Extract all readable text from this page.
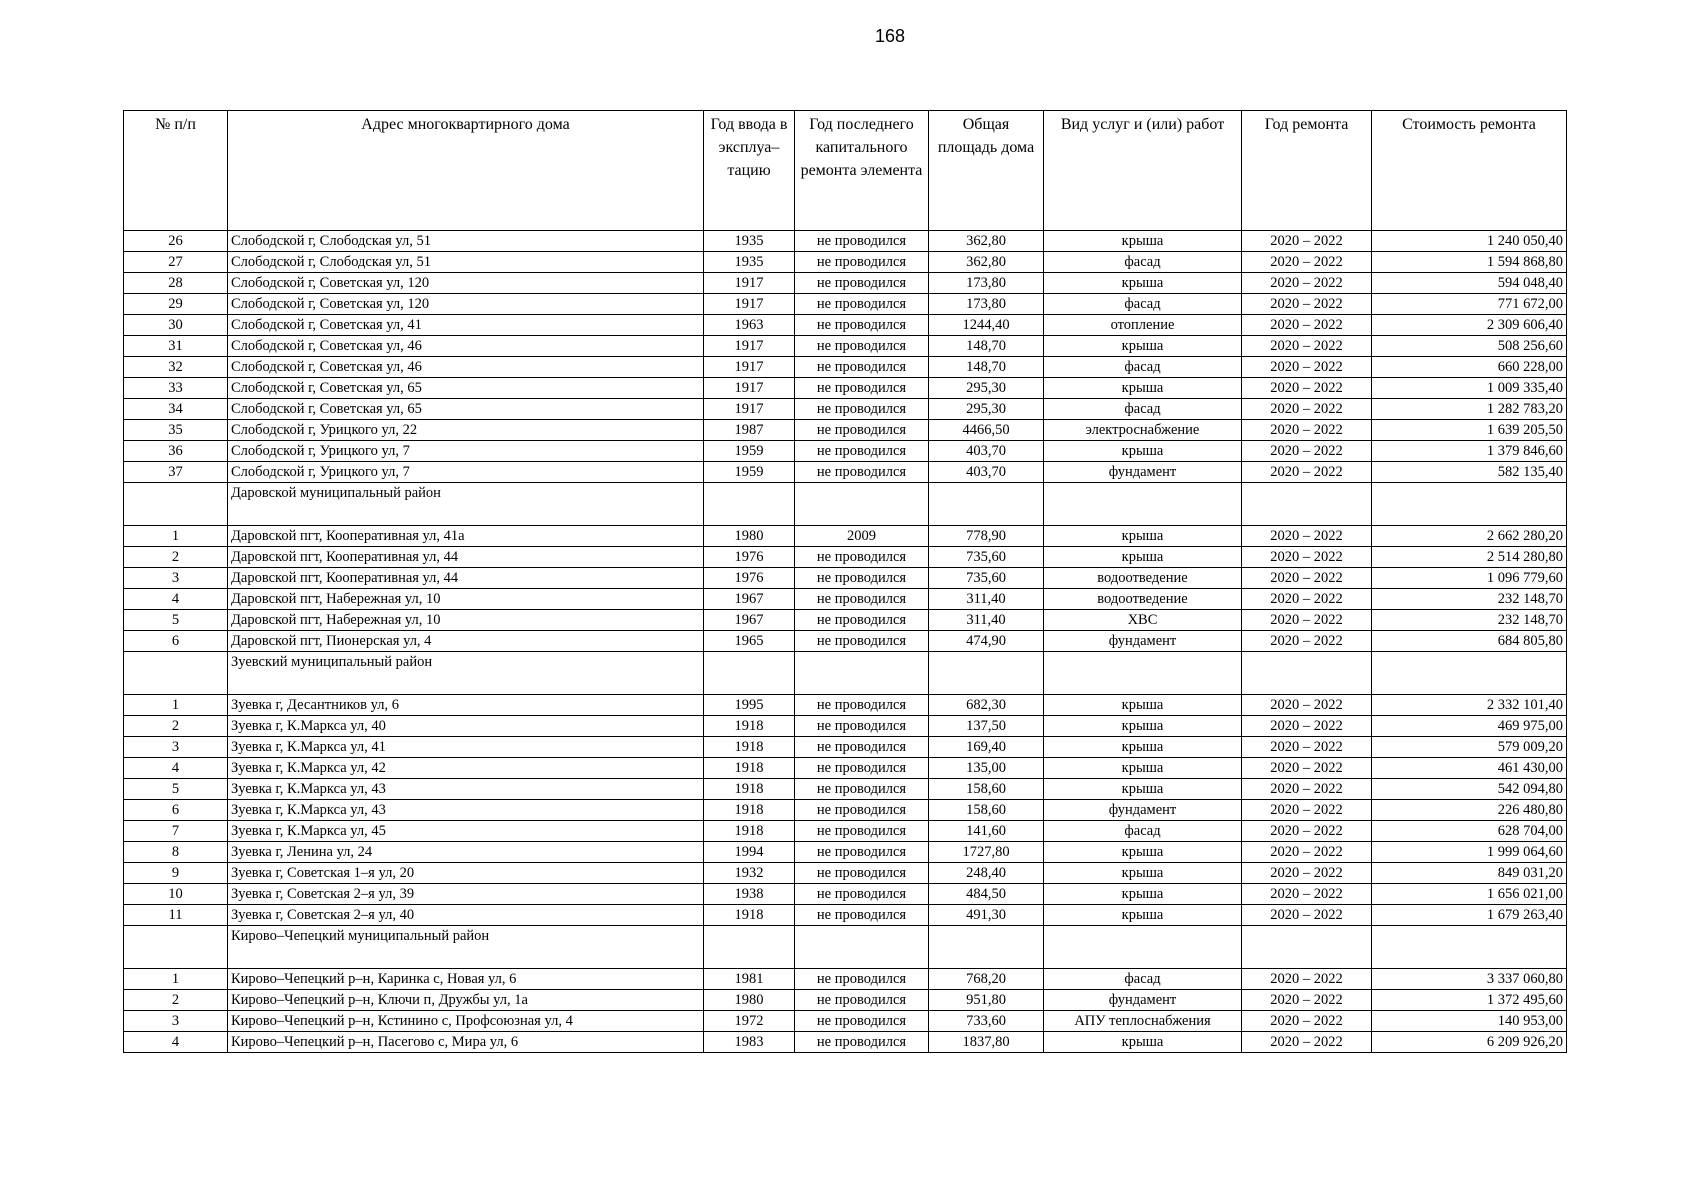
168
№ п/п	Адрес многоквартирного дома	Год ввода в эксплуа–тацию	Год последнего капитального ремонта элемента	Общая площадь дома	Вид услуг и (или) работ	Год ремонта	Стоимость ремонта
26	Слободской г, Слободская ул, 51	1935	не проводился	362,80	крыша	2020 – 2022	1 240 050,40
27	Слободской г, Слободская ул, 51	1935	не проводился	362,80	фасад	2020 – 2022	1 594 868,80
28	Слободской г, Советская ул, 120	1917	не проводился	173,80	крыша	2020 – 2022	594 048,40
29	Слободской г, Советская ул, 120	1917	не проводился	173,80	фасад	2020 – 2022	771 672,00
30	Слободской г, Советская ул, 41	1963	не проводился	1244,40	отопление	2020 – 2022	2 309 606,40
31	Слободской г, Советская ул, 46	1917	не проводился	148,70	крыша	2020 – 2022	508 256,60
32	Слободской г, Советская ул, 46	1917	не проводился	148,70	фасад	2020 – 2022	660 228,00
33	Слободской г, Советская ул, 65	1917	не проводился	295,30	крыша	2020 – 2022	1 009 335,40
34	Слободской г, Советская ул, 65	1917	не проводился	295,30	фасад	2020 – 2022	1 282 783,20
35	Слободской г, Урицкого ул, 22	1987	не проводился	4466,50	электроснабжение	2020 – 2022	1 639 205,50
36	Слободской г, Урицкого ул, 7	1959	не проводился	403,70	крыша	2020 – 2022	1 379 846,60
37	Слободской г, Урицкого ул, 7	1959	не проводился	403,70	фундамент	2020 – 2022	582 135,40
	Даровской муниципальный район						
1	Даровской пгт, Кооперативная ул, 41а	1980	2009	778,90	крыша	2020 – 2022	2 662 280,20
2	Даровской пгт, Кооперативная ул, 44	1976	не проводился	735,60	крыша	2020 – 2022	2 514 280,80
3	Даровской пгт, Кооперативная ул, 44	1976	не проводился	735,60	водоотведение	2020 – 2022	1 096 779,60
4	Даровской пгт, Набережная ул, 10	1967	не проводился	311,40	водоотведение	2020 – 2022	232 148,70
5	Даровской пгт, Набережная ул, 10	1967	не проводился	311,40	ХВС	2020 – 2022	232 148,70
6	Даровской пгт, Пионерская ул, 4	1965	не проводился	474,90	фундамент	2020 – 2022	684 805,80
	Зуевский муниципальный район						
1	Зуевка г, Десантников ул, 6	1995	не проводился	682,30	крыша	2020 – 2022	2 332 101,40
2	Зуевка г, К.Маркса ул, 40	1918	не проводился	137,50	крыша	2020 – 2022	469 975,00
3	Зуевка г, К.Маркса ул, 41	1918	не проводился	169,40	крыша	2020 – 2022	579 009,20
4	Зуевка г, К.Маркса ул, 42	1918	не проводился	135,00	крыша	2020 – 2022	461 430,00
5	Зуевка г, К.Маркса ул, 43	1918	не проводился	158,60	крыша	2020 – 2022	542 094,80
6	Зуевка г, К.Маркса ул, 43	1918	не проводился	158,60	фундамент	2020 – 2022	226 480,80
7	Зуевка г, К.Маркса ул, 45	1918	не проводился	141,60	фасад	2020 – 2022	628 704,00
8	Зуевка г, Ленина ул, 24	1994	не проводился	1727,80	крыша	2020 – 2022	1 999 064,60
9	Зуевка г, Советская 1–я ул, 20	1932	не проводился	248,40	крыша	2020 – 2022	849 031,20
10	Зуевка г, Советская 2–я ул, 39	1938	не проводился	484,50	крыша	2020 – 2022	1 656 021,00
11	Зуевка г, Советская 2–я ул, 40	1918	не проводился	491,30	крыша	2020 – 2022	1 679 263,40
	Кирово–Чепецкий муниципальный район						
1	Кирово–Чепецкий р–н, Каринка с, Новая ул, 6	1981	не проводился	768,20	фасад	2020 – 2022	3 337 060,80
2	Кирово–Чепецкий р–н, Ключи п, Дружбы ул, 1а	1980	не проводился	951,80	фундамент	2020 – 2022	1 372 495,60
3	Кирово–Чепецкий р–н, Кстинино с, Профсоюзная ул, 4	1972	не проводился	733,60	АПУ теплоснабжения	2020 – 2022	140 953,00
4	Кирово–Чепецкий р–н, Пасегово с, Мира ул, 6	1983	не проводился	1837,80	крыша	2020 – 2022	6 209 926,20
